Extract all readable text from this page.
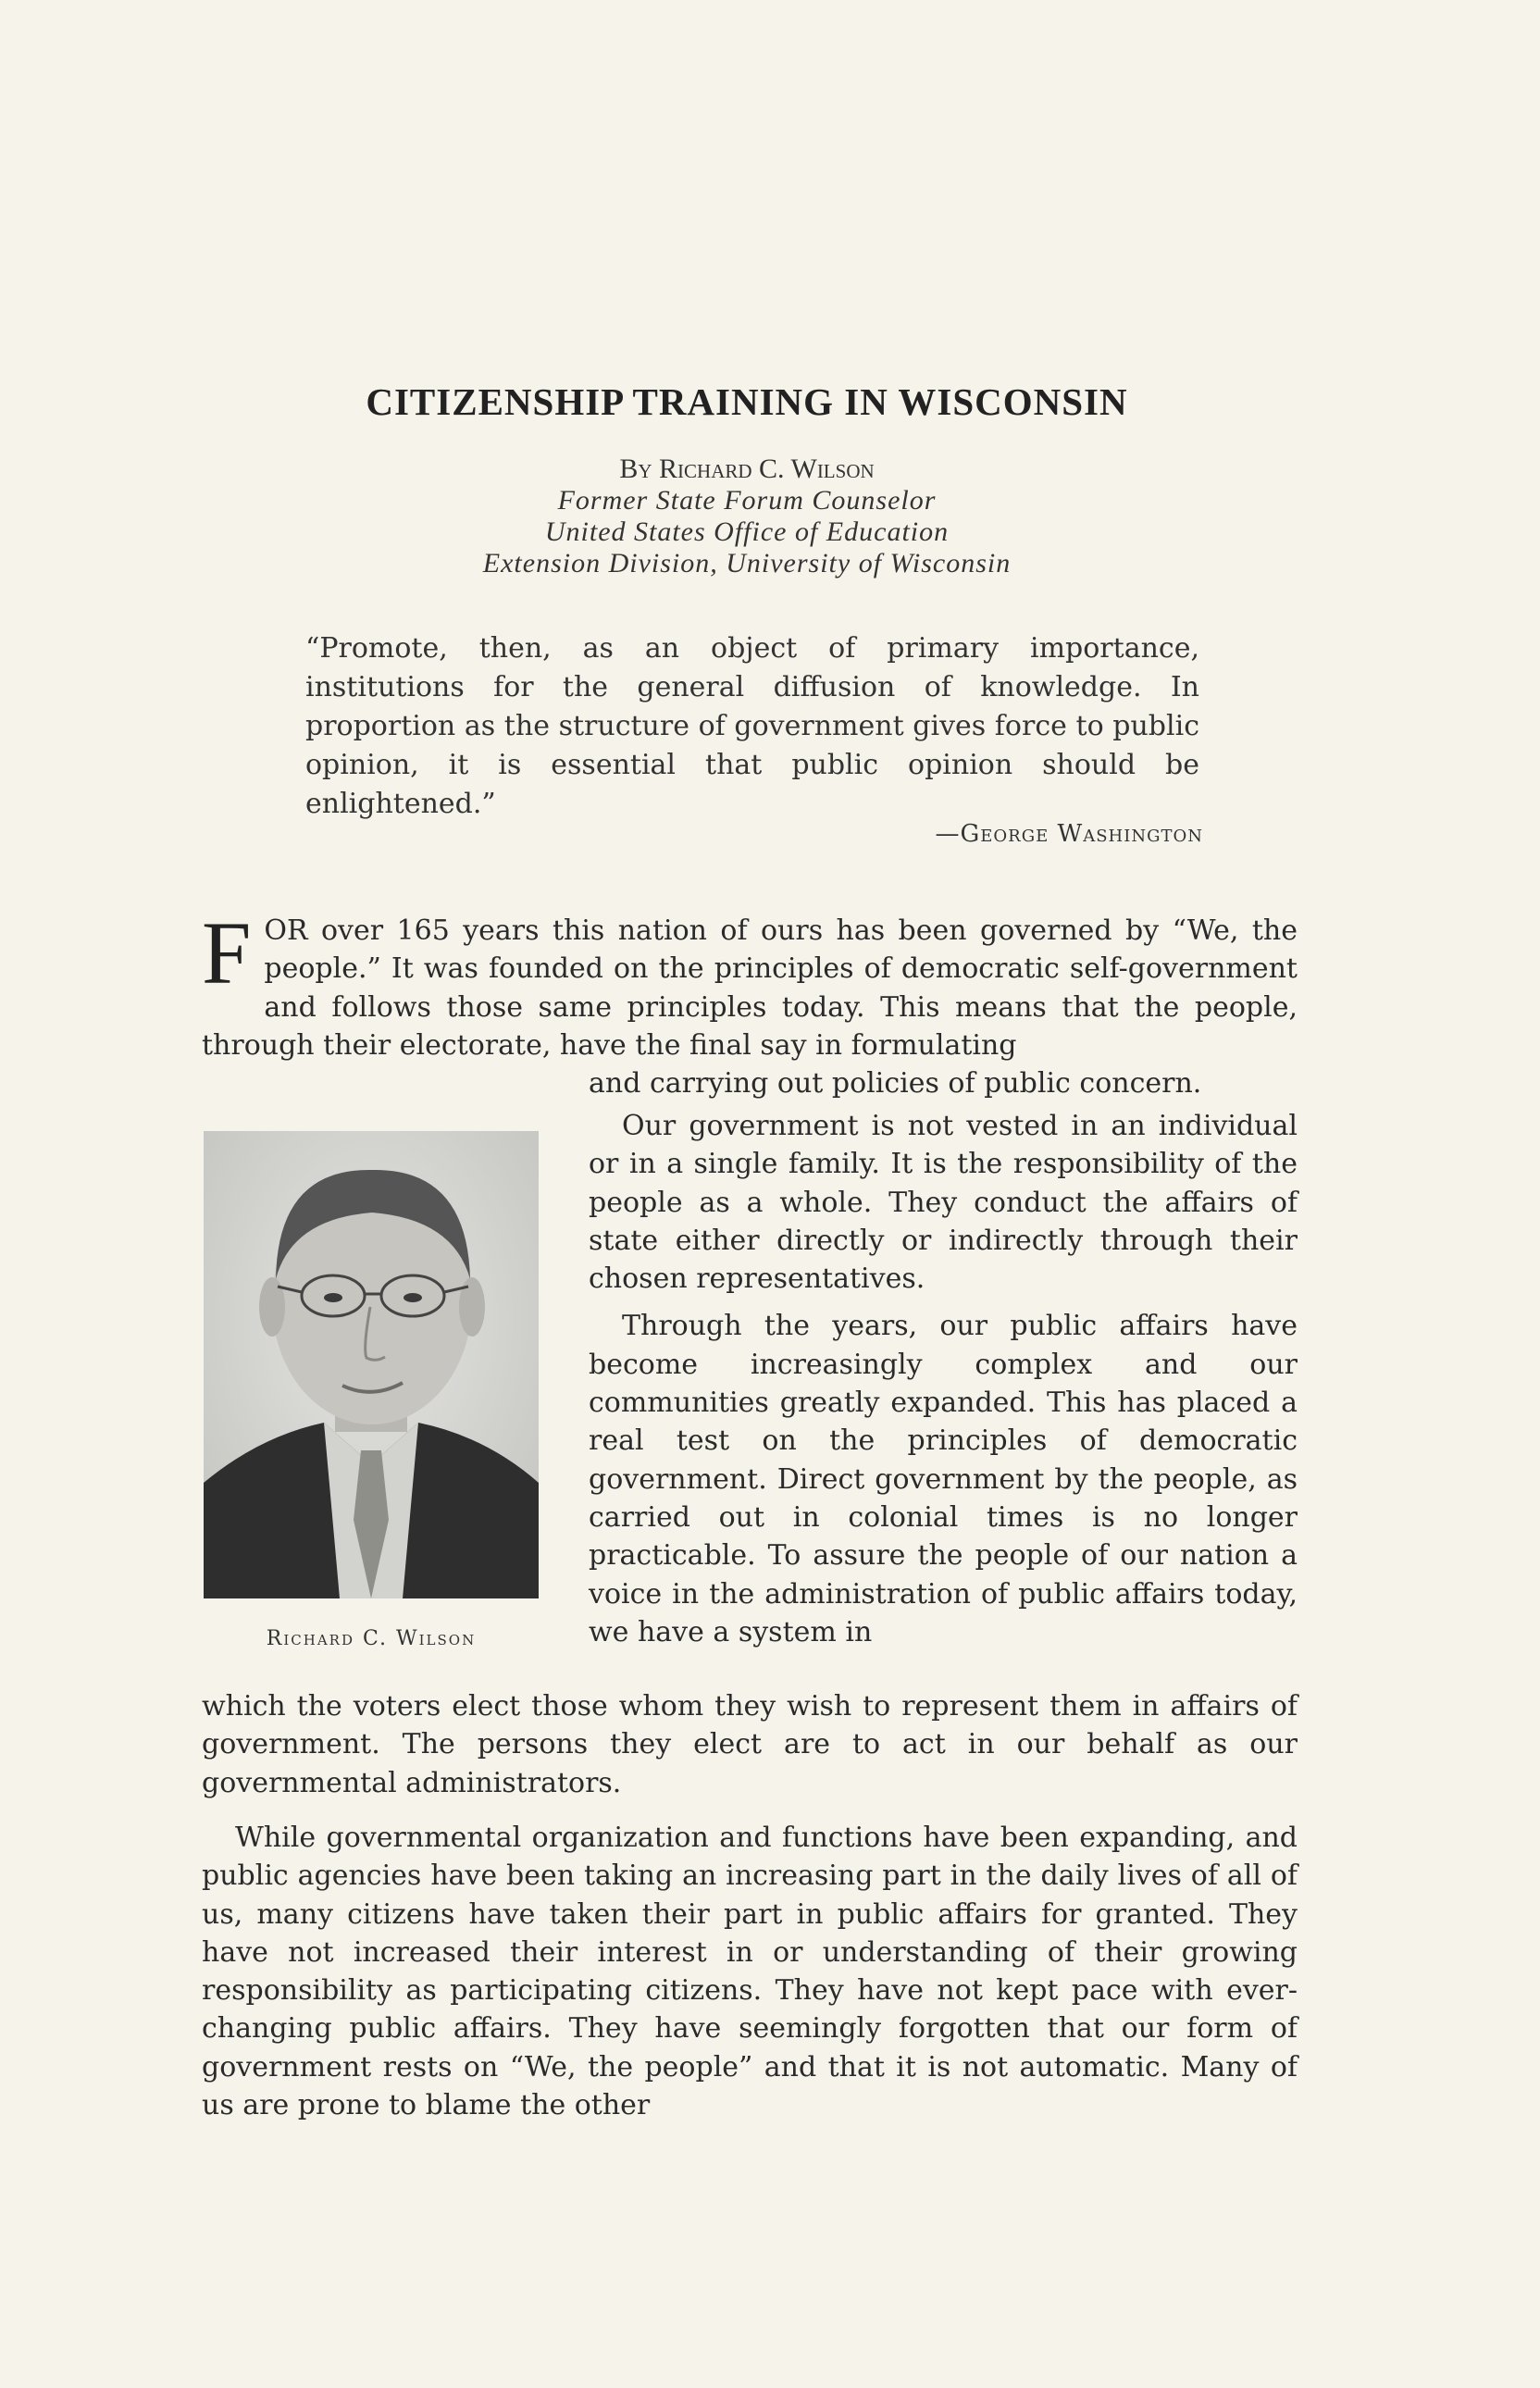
CITIZENSHIP TRAINING IN WISCONSIN
By Richard C. Wilson
Former State Forum Counselor
United States Office of Education
Extension Division, University of Wisconsin

“Promote, then, as an object of primary importance, institutions for the general diffusion of knowledge. In proportion as the structure of government gives force to public opinion, it is essential that public opinion should be enlightened.”

—George Washington
F OR over 165 years this nation of ours has been governed by “We, the people.” It was founded on the principles of democratic self-government and follows those same principles today. This means that the people, through their electorate, have the final say in formulating

and carrying out policies of public concern.

Richard C. Wilson

Our government is not vested in an individual or in a single family. It is the responsibility of the people as a whole. They conduct the affairs of state either directly or indirectly through their chosen representatives.

Through the years, our public affairs have become increasingly complex and our communities greatly expanded. This has placed a real test on the principles of democratic government. Direct government by the people, as carried out in colonial times is no longer practicable. To assure the people of our nation a voice in the administration of public affairs today, we have a system in

which the voters elect those whom they wish to represent them in affairs of government. The persons they elect are to act in our behalf as our governmental administrators.

While governmental organization and functions have been expanding, and public agencies have been taking an increasing part in the daily lives of all of us, many citizens have taken their part in public affairs for granted. They have not increased their interest in or understanding of their growing responsibility as participating citizens. They have not kept pace with ever-changing public affairs. They have seemingly forgotten that our form of government rests on “We, the people” and that it is not automatic. Many of us are prone to blame the other
